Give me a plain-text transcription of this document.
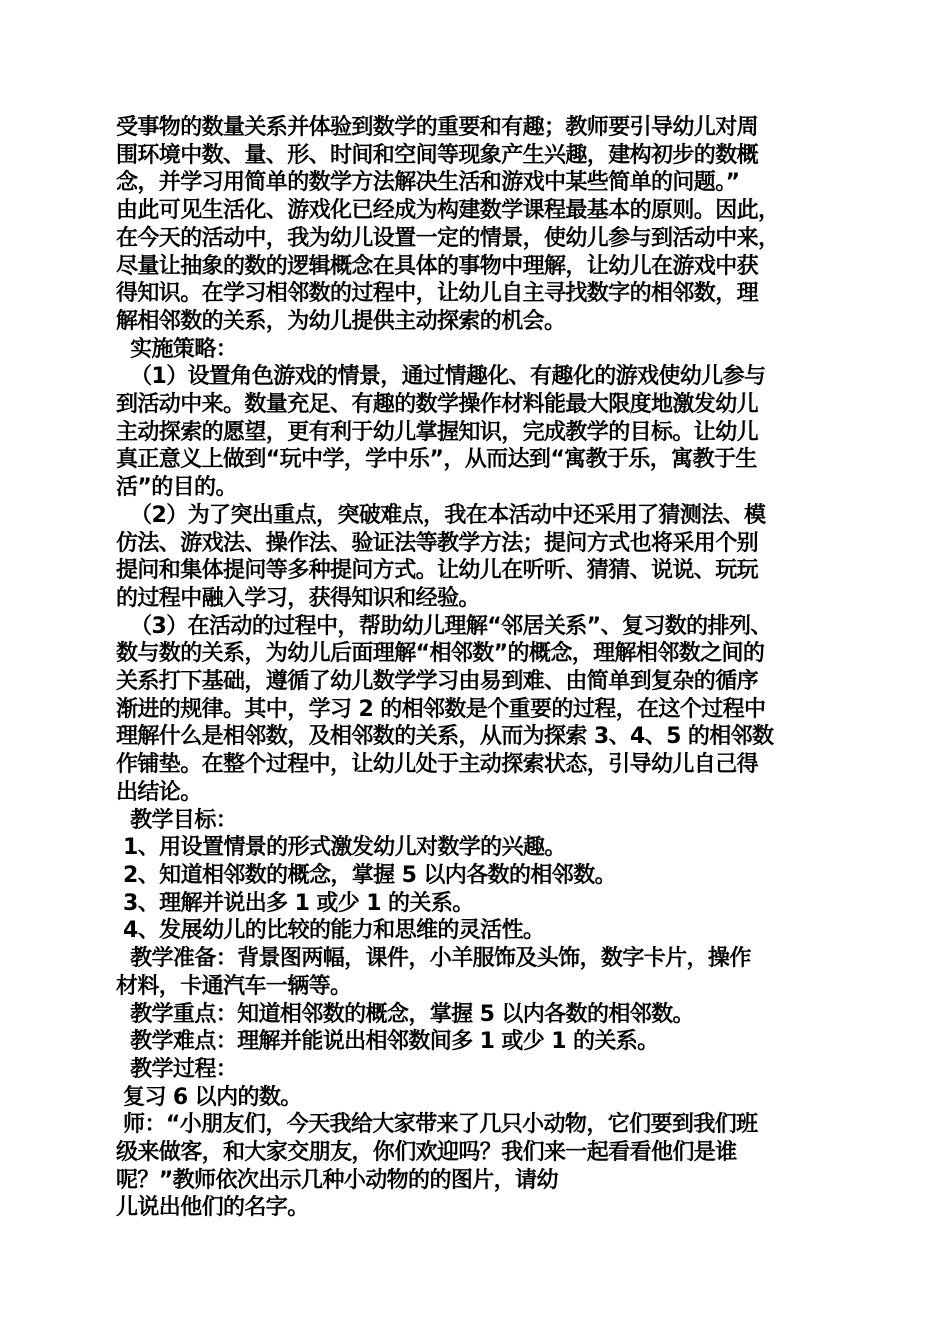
受事物的数量关系并体验到数学的重要和有趣；教师要引导幼儿对周
围环境中数、量、形、时间和空间等现象产生兴趣，建构初步的数概
念，并学习用简单的数学方法解决生活和游戏中某些简单的问题。”
由此可见生活化、游戏化已经成为构建数学课程最基本的原则。因此，
在今天的活动中，我为幼儿设置一定的情景，使幼儿参与到活动中来，
尽量让抽象的数的逻辑概念在具体的事物中理解，让幼儿在游戏中获
得知识。在学习相邻数的过程中，让幼儿自主寻找数字的相邻数，理
解相邻数的关系，为幼儿提供主动探索的机会。
实施策略：
（1）设置角色游戏的情景，通过情趣化、有趣化的游戏使幼儿参与
到活动中来。数量充足、有趣的数学操作材料能最大限度地激发幼儿
主动探索的愿望，更有利于幼儿掌握知识，完成教学的目标。让幼儿
真正意义上做到“玩中学，学中乐”，从而达到“寓教于乐，寓教于生
活”的目的。
（2）为了突出重点，突破难点，我在本活动中还采用了猜测法、模
仿法、游戏法、操作法、验证法等教学方法；提问方式也将采用个别
提问和集体提问等多种提问方式。让幼儿在听听、猜猜、说说、玩玩
的过程中融入学习，获得知识和经验。
（3）在活动的过程中，帮助幼儿理解“邻居关系”、复习数的排列、
数与数的关系，为幼儿后面理解“相邻数”的概念，理解相邻数之间的
关系打下基础，遵循了幼儿数学学习由易到难、由简单到复杂的循序
渐进的规律。其中，学习 2 的相邻数是个重要的过程，在这个过程中
理解什么是相邻数，及相邻数的关系，从而为探索 3、4、5 的相邻数
作铺垫。在整个过程中，让幼儿处于主动探索状态，引导幼儿自己得
出结论。
教学目标：
1、用设置情景的形式激发幼儿对数学的兴趣。
2、知道相邻数的概念，掌握 5 以内各数的相邻数。
3、理解并说出多 1 或少 1 的关系。
4、发展幼儿的比较的能力和思维的灵活性。
教学准备：背景图两幅，课件，小羊服饰及头饰，数字卡片，操作
材料，卡通汽车一辆等。
教学重点：知道相邻数的概念，掌握 5 以内各数的相邻数。
教学难点：理解并能说出相邻数间多 1 或少 1 的关系。
教学过程：
复习 6 以内的数。
师：“小朋友们，今天我给大家带来了几只小动物，它们要到我们班
级来做客，和大家交朋友，你们欢迎吗？我们来一起看看他们是谁
呢？”教师依次出示几种小动物的的图片，请幼
儿说出他们的名字。
